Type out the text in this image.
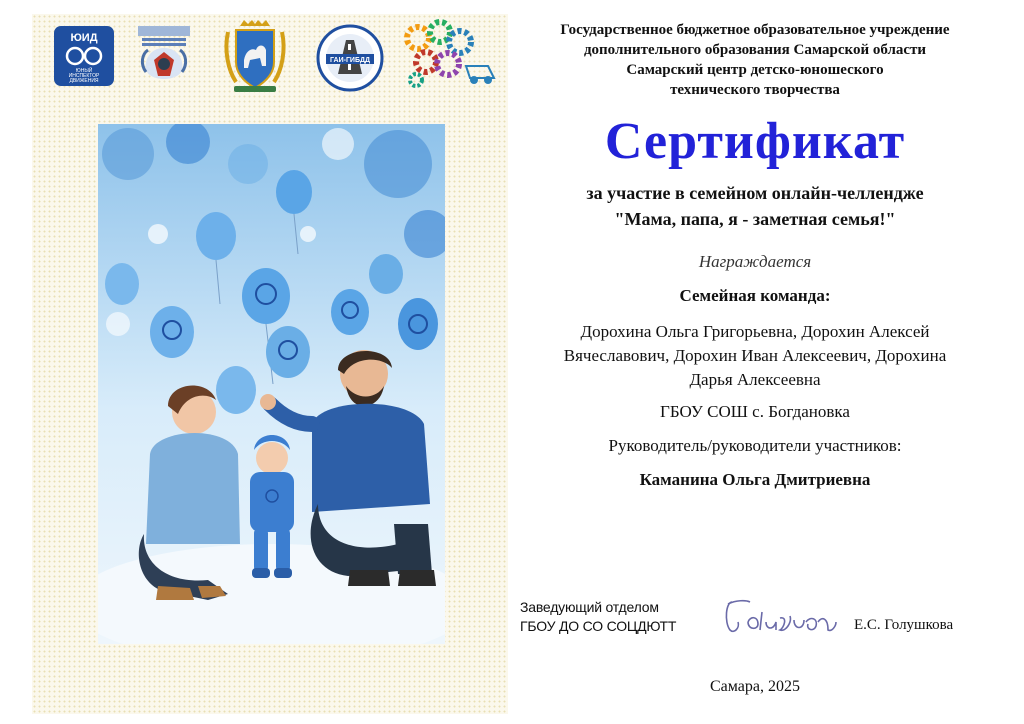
ЮИД
ЮНЫЙ
ИНСПЕКТОР
ДВИЖЕНИЯ
ГАИ-ГИБДД
Государственное бюджетное образовательное учреждение
дополнительного образования Самарской области
Самарский центр детско-юношеского
технического творчества
Сертификат
за участие в семейном онлайн-челлендже
"Мама, папа, я - заметная семья!"
Награждается
Семейная команда:
Дорохина Ольга Григорьевна, Дорохин Алексей Вячеславович, Дорохин Иван Алексеевич, Дорохина Дарья Алексеевна
ГБОУ СОШ с. Богдановка
Руководитель/руководители участников:
Каманина Ольга Дмитриевна
Заведующий отделом
ГБОУ ДО СО СОЦДЮТТ	Е.С. Голушкова
Самара, 2025
